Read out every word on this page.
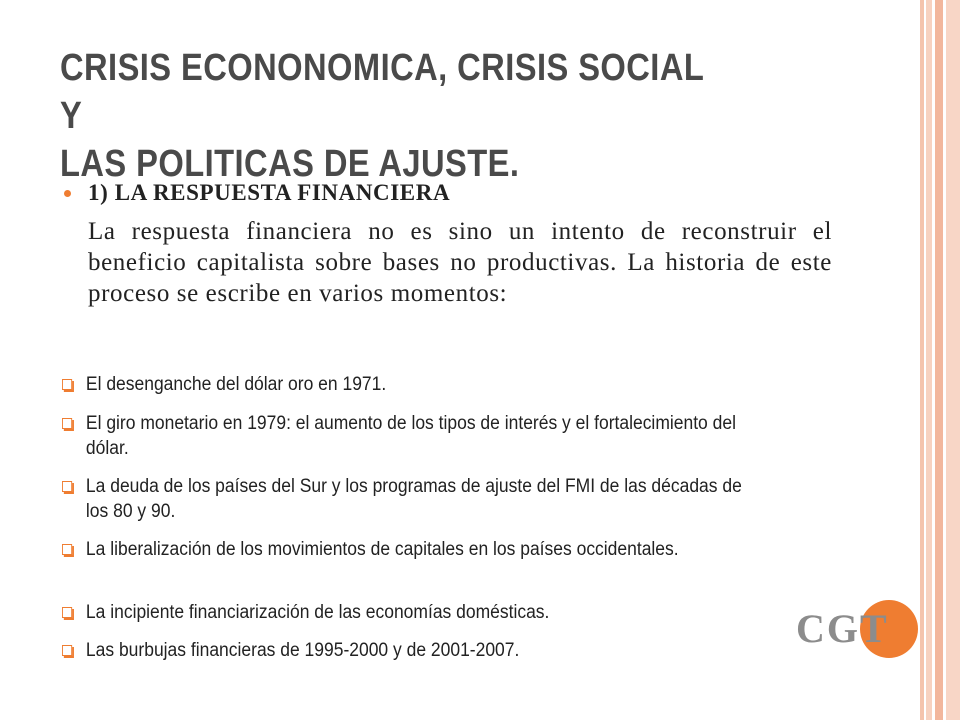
CRISIS ECONONOMICA, CRISIS SOCIAL Y
LAS POLITICAS DE AJUSTE.
1) LA RESPUESTA FINANCIERA

La respuesta financiera no es sino un intento de reconstruir el beneficio capitalista sobre bases no productivas. La historia de este proceso se escribe en varios momentos:

El desenganche del dólar oro en 1971.
El giro monetario en 1979: el aumento de los tipos de interés y el fortalecimiento del dólar.
La deuda de los países del Sur y los programas de ajuste del FMI de las décadas de los 80 y 90.
La liberalización de los movimientos de capitales en los países occidentales.
La incipiente financiarización de las economías domésticas.
Las burbujas financieras de 1995-2000 y de 2001-2007.	CGT
